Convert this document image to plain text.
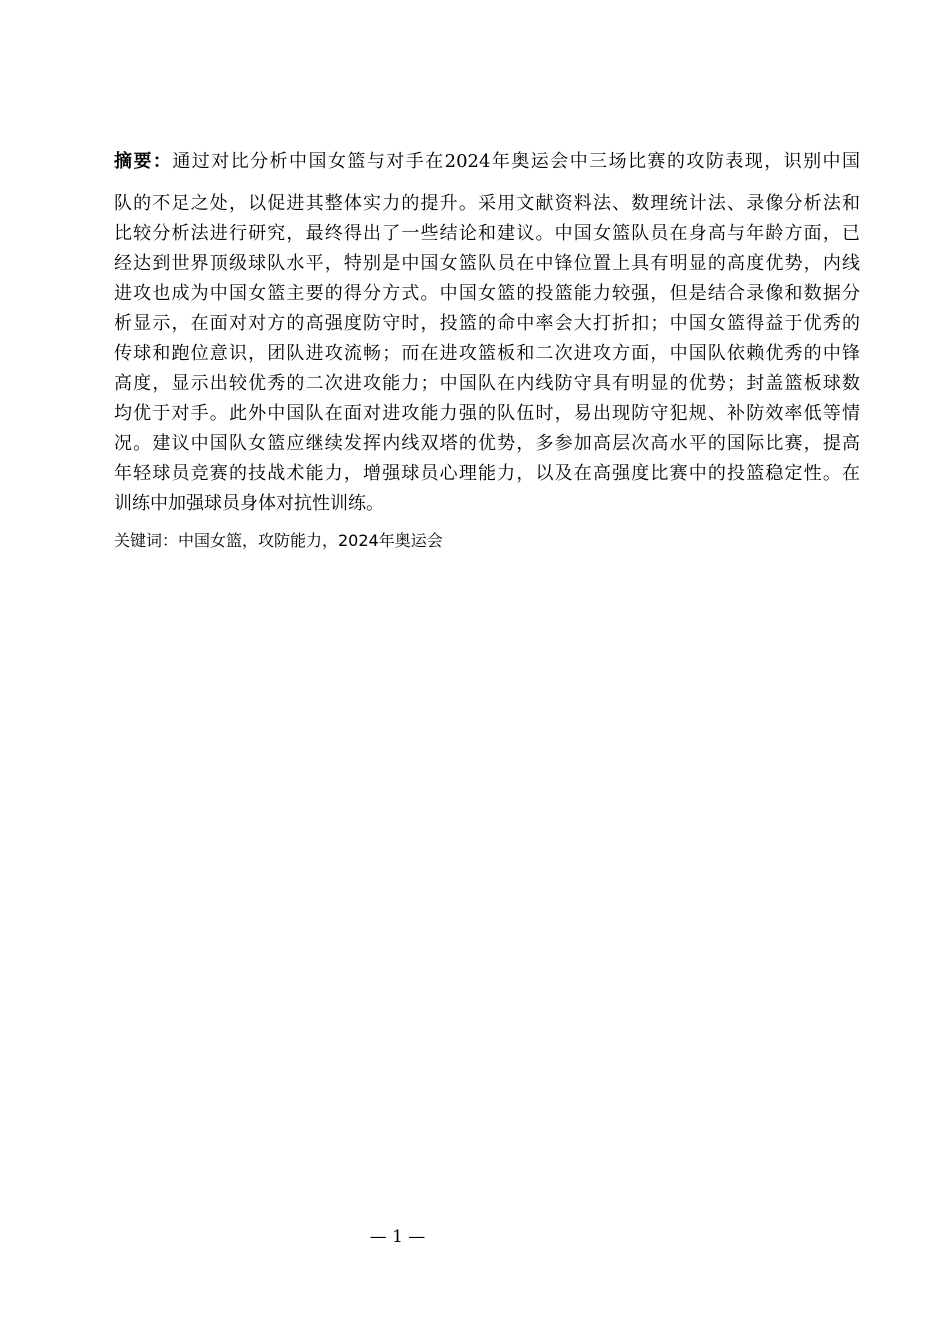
摘要：通过对比分析中国女篮与对手在2024年奥运会中三场比赛的攻防表现，识别中国
队的不足之处，以促进其整体实力的提升。采用文献资料法、数理统计法、录像分析法和
比较分析法进行研究，最终得出了一些结论和建议。中国女篮队员在身高与年龄方面，已
经达到世界顶级球队水平，特别是中国女篮队员在中锋位置上具有明显的高度优势，内线
进攻也成为中国女篮主要的得分方式。中国女篮的投篮能力较强，但是结合录像和数据分
析显示，在面对对方的高强度防守时，投篮的命中率会大打折扣；中国女篮得益于优秀的
传球和跑位意识，团队进攻流畅；而在进攻篮板和二次进攻方面，中国队依赖优秀的中锋
高度，显示出较优秀的二次进攻能力；中国队在内线防守具有明显的优势；封盖篮板球数
均优于对手。此外中国队在面对进攻能力强的队伍时，易出现防守犯规、补防效率低等情
况。建议中国队女篮应继续发挥内线双塔的优势，多参加高层次高水平的国际比赛，提高
年轻球员竞赛的技战术能力，增强球员心理能力，以及在高强度比赛中的投篮稳定性。在
训练中加强球员身体对抗性训练。
关键词：中国女篮，攻防能力，2024年奥运会
— 1 —
